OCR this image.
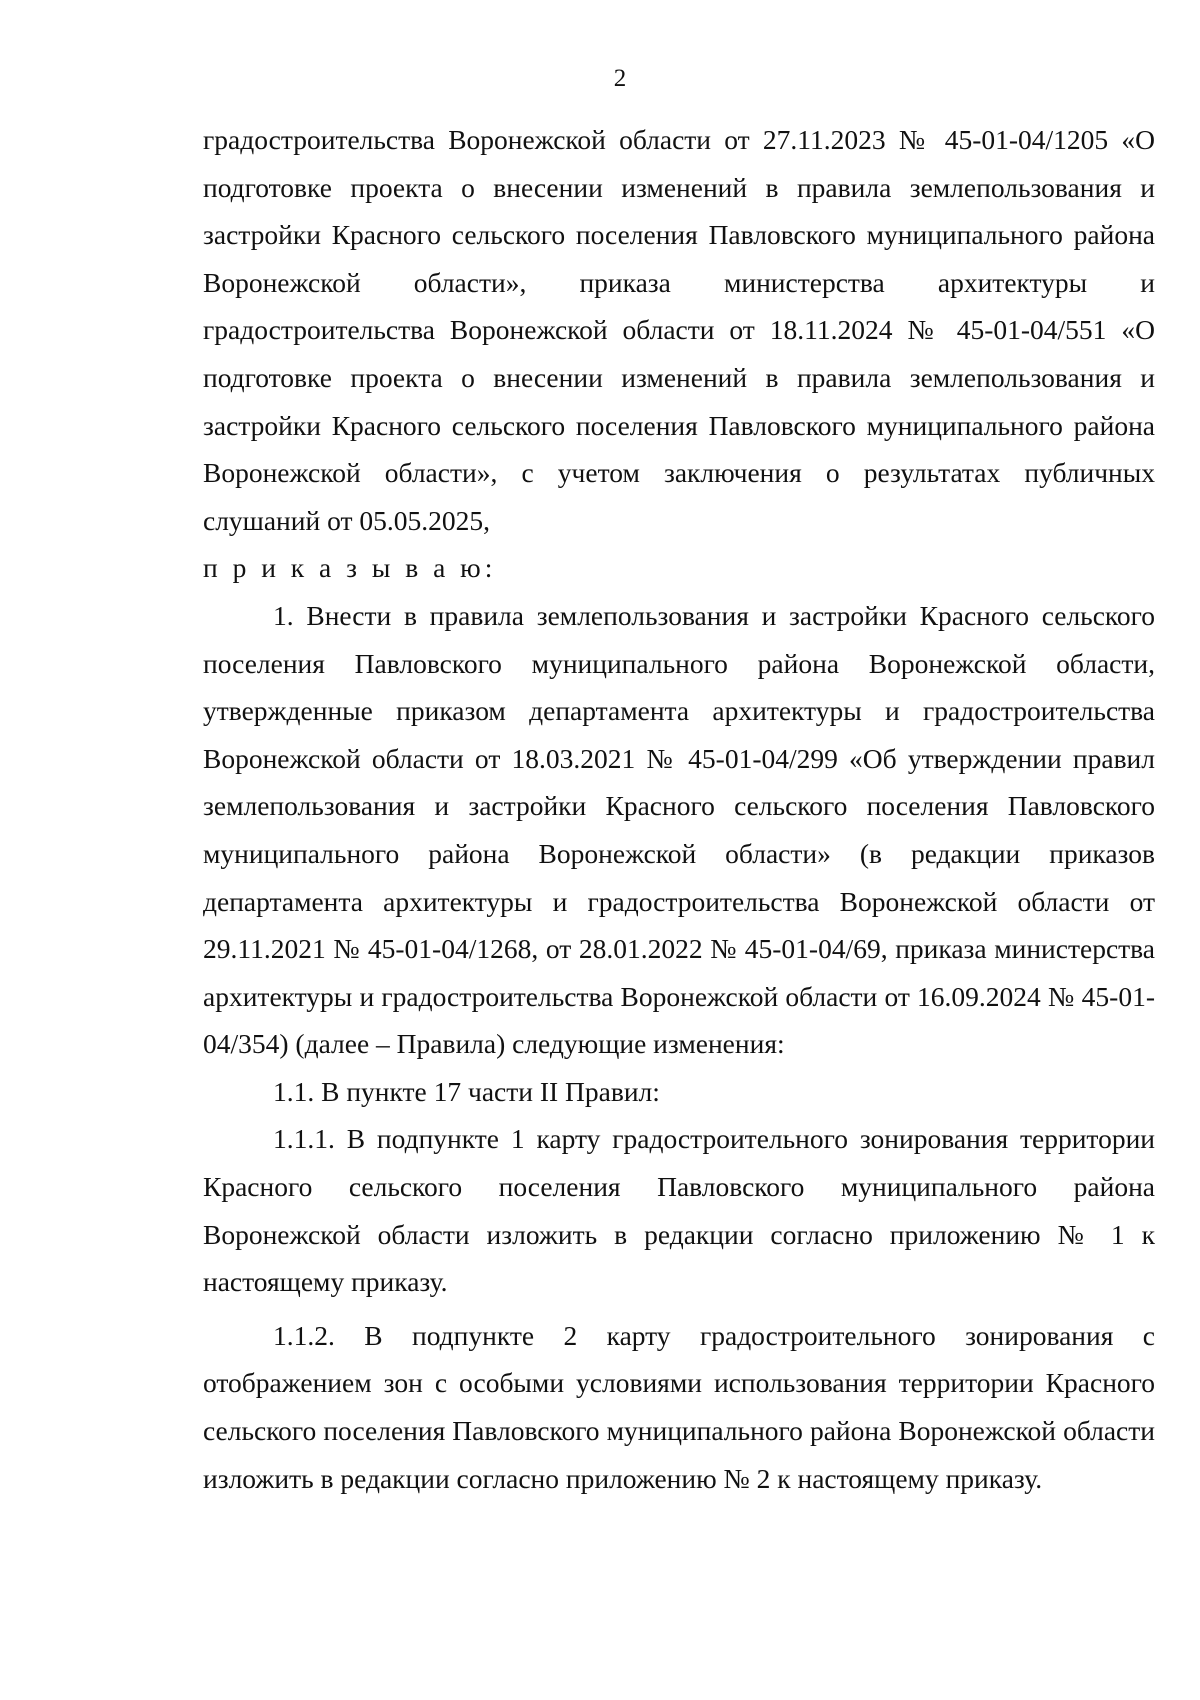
2

градостроительства Воронежской области от 27.11.2023 № 45-01-04/1205 «О подготовке проекта о внесении изменений в правила землепользования и застройки Красного сельского поселения Павловского муниципального района Воронежской области», приказа министерства архитектуры и градостроительства Воронежской области от 18.11.2024 № 45-01-04/551 «О подготовке проекта о внесении изменений в правила землепользования и застройки Красного сельского поселения Павловского муниципального района Воронежской области», с учетом заключения о результатах публичных слушаний от 05.05.2025,

п р и к а з ы в а ю:

1. Внести в правила землепользования и застройки Красного сельского поселения Павловского муниципального района Воронежской области, утвержденные приказом департамента архитектуры и градостроительства Воронежской области от 18.03.2021 № 45-01-04/299 «Об утверждении правил землепользования и застройки Красного сельского поселения Павловского муниципального района Воронежской области» (в редакции приказов департамента архитектуры и градостроительства Воронежской области от 29.11.2021 № 45-01-04/1268, от 28.01.2022 № 45-01-04/69, приказа министерства архитектуры и градостроительства Воронежской области от 16.09.2024 № 45-01-04/354) (далее – Правила) следующие изменения:

1.1. В пункте 17 части II Правил:

1.1.1. В подпункте 1 карту градостроительного зонирования территории Красного сельского поселения Павловского муниципального района Воронежской области изложить в редакции согласно приложению № 1 к настоящему приказу.

1.1.2. В подпункте 2 карту градостроительного зонирования с отображением зон с особыми условиями использования территории Красного сельского поселения Павловского муниципального района Воронежской области изложить в редакции согласно приложению № 2 к настоящему приказу.
